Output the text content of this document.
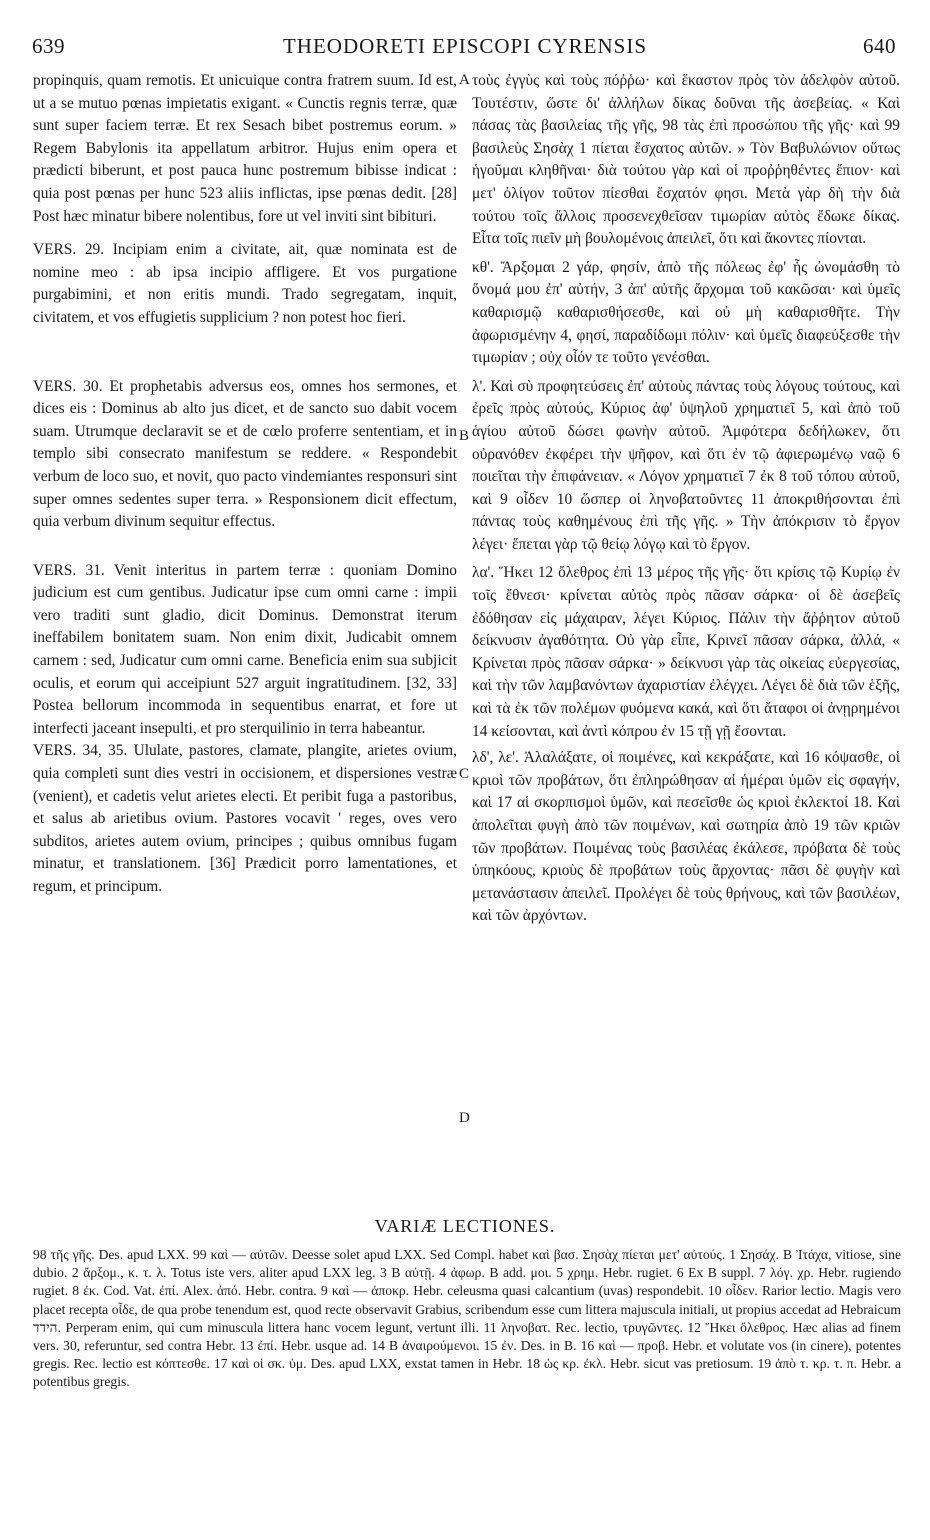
639	THEODORETI EPISCOPI CYRENSIS	640

propinquis, quam remotis. Et unicuique contra fratrem suum. Id est, ut a se mutuo pœnas impietatis exigant. « Cunctis regnis terræ, quæ sunt super faciem terræ. Et rex Sesach bibet postremus eorum. » Regem Babylonis ita appellatum arbitror. Hujus enim opera et prædicti biberunt, et post pauca hunc postremum bibisse indicat : quia post pœnas per hunc 523 aliis inflictas, ipse pœnas dedit. [28] Post hæc minatur bibere nolentibus, fore ut vel inviti sint bibituri.

VERS. 29. Incipiam enim a civitate, ait, quæ nominata est de nomine meo : ab ipsa incipio affligere. Et vos purgatione purgabimini, et non eritis mundi. Trado segregatam, inquit, civitatem, et vos effugietis supplicium ? non potest hoc fieri.

VERS. 30. Et prophetabis adversus eos, omnes hos sermones, et dices eis : Dominus ab alto jus dicet, et de sancto suo dabit vocem suam. Utrumque declaravit se et de cœlo proferre sententiam, et in templo sibi consecrato manifestum se reddere. « Respondebit verbum de loco suo, et novit, quo pacto vindemiantes responsuri sint super omnes sedentes super terra. » Responsionem dicit effectum, quia verbum divinum sequitur effectus.

VERS. 31. Venit interitus in partem terræ : quoniam Domino judicium est cum gentibus. Judicatur ipse cum omni carne : impii vero traditi sunt gladio, dicit Dominus. Demonstrat iterum ineffabilem bonitatem suam. Non enim dixit, Judicabit omnem carnem : sed, Judicatur cum omni carne. Beneficia enim sua subjicit oculis, et eorum qui acceipiunt 527 arguit ingratitudinem. [32, 33] Postea bellorum incommoda in sequentibus enarrat, et fore ut interfecti jaceant insepulti, et pro sterquilinio in terra habeantur.

VERS. 34, 35. Ululate, pastores, clamate, plangite, arietes ovium, quia completi sunt dies vestri in occisionem, et dispersiones vestræ (venient), et cadetis velut arietes electi. Et peribit fuga a pastoribus, et salus ab arietibus ovium. Pastores vocavit ' reges, oves vero subditos, arietes autem ovium, principes ; quibus omnibus fugam minatur, et translationem. [36] Prædicit porro lamentationes, et regum, et principum.

A
B
C
D

τοὺς ἐγγὺς καὶ τοὺς πόῤῥω· καὶ ἕκαστον πρὸς τὸν ἀδελφὸν αὐτοῦ. Τουτέστιν, ὥστε δι' ἀλλήλων δίκας δοῦναι τῆς ἀσεβείας. « Καὶ πάσας τὰς βασιλείας τῆς γῆς, 98 τὰς ἐπὶ προσώπου τῆς γῆς· καὶ 99 βασιλεὺς Σησὰχ 1 πίεται ἔσχατος αὐτῶν. » Τὸν Βαβυλώνιον οὕτως ἡγοῦμαι κληθῆναι· διὰ τούτου γὰρ καὶ οἱ προῤῥηθέντες ἔπιον· καὶ μετ' ὀλίγον τοῦτον πίεσθαι ἔσχατόν φησι. Μετὰ γὰρ δὴ τὴν διὰ τούτου τοῖς ἄλλοις προσενεχθεῖσαν τιμωρίαν αὐτὸς ἔδωκε δίκας. Εἶτα τοῖς πιεῖν μὴ βουλομένοις ἀπειλεῖ, ὅτι καὶ ἄκοντες πίονται.

κθ'. Ἄρξομαι 2 γάρ, φησίν, ἀπὸ τῆς πόλεως ἐφ' ἧς ὠνομάσθη τὸ ὄνομά μου ἐπ' αὐτήν, 3 ἀπ' αὐτῆς ἄρχομαι τοῦ κακῶσαι· καὶ ὑμεῖς καθαρισμῷ καθαρισθήσεσθε, καὶ οὐ μὴ καθαρισθῆτε. Τὴν ἀφωρισμένην 4, φησί, παραδίδωμι πόλιν· καὶ ὑμεῖς διαφεύξεσθε τὴν τιμωρίαν ; οὐχ οἷόν τε τοῦτο γενέσθαι.

λ'. Καὶ σὺ προφητεύσεις ἐπ' αὐτοὺς πάντας τοὺς λόγους τούτους, καὶ ἐρεῖς πρὸς αὐτούς, Κύριος ἀφ' ὑψηλοῦ χρηματιεῖ 5, καὶ ἀπὸ τοῦ ἁγίου αὐτοῦ δώσει φωνὴν αὐτοῦ. Ἀμφότερα δεδήλωκεν, ὅτι οὐρανόθεν ἐκφέρει τὴν ψῆφον, καὶ ὅτι ἐν τῷ ἀφιερωμένῳ ναῷ 6 ποιεῖται τὴν ἐπιφάνειαν. « Λόγον χρηματιεῖ 7 ἐκ 8 τοῦ τόπου αὐτοῦ, καὶ 9 οἶδεν 10 ὥσπερ οἱ ληνοβατοῦντες 11 ἀποκριθήσονται ἐπὶ πάντας τοὺς καθημένους ἐπὶ τῆς γῆς. » Τὴν ἀπόκρισιν τὸ ἔργον λέγει· ἕπεται γὰρ τῷ θείῳ λόγῳ καὶ τὸ ἔργον.

λα'. Ἥκει 12 ὄλεθρος ἐπὶ 13 μέρος τῆς γῆς· ὅτι κρίσις τῷ Κυρίῳ ἐν τοῖς ἔθνεσι· κρίνεται αὐτὸς πρὸς πᾶσαν σάρκα· οἱ δὲ ἀσεβεῖς ἐδόθησαν εἰς μάχαιραν, λέγει Κύριος. Πάλιν τὴν ἄῤῥητον αὐτοῦ δείκνυσιν ἀγαθότητα. Οὐ γὰρ εἶπε, Κρινεῖ πᾶσαν σάρκα, ἀλλά, « Κρίνεται πρὸς πᾶσαν σάρκα· » δείκνυσι γὰρ τὰς οἰκείας εὐεργεσίας, καὶ τὴν τῶν λαμβανόντων ἀχαριστίαν ἐλέγχει. Λέγει δὲ διὰ τῶν ἑξῆς, καὶ τὰ ἐκ τῶν πολέμων φυόμενα κακά, καὶ ὅτι ἄταφοι οἱ ἀνῃρημένοι 14 κείσονται, καὶ ἀντὶ κόπρου ἐν 15 τῇ γῇ ἔσονται.

λδ', λε'. Ἀλαλάξατε, οἱ ποιμένες, καὶ κεκράξατε, καὶ 16 κόψασθε, οἱ κριοὶ τῶν προβάτων, ὅτι ἐπληρώθησαν αἱ ἡμέραι ὑμῶν εἰς σφαγήν, καὶ 17 αἱ σκορπισμοὶ ὑμῶν, καὶ πεσεῖσθε ὡς κριοὶ ἐκλεκτοί 18. Καὶ ἀπολεῖται φυγὴ ἀπὸ τῶν ποιμένων, καὶ σωτηρία ἀπὸ 19 τῶν κριῶν τῶν προβάτων. Ποιμένας τοὺς βασιλέας ἐκάλεσε, πρόβατα δὲ τοὺς ὑπηκόους, κριοὺς δὲ προβάτων τοὺς ἄρχοντας· πᾶσι δὲ φυγὴν καὶ μετανάστασιν ἀπειλεῖ. Προλέγει δὲ τοὺς θρήνους, καὶ τῶν βασιλέων, καὶ τῶν ἀρχόντων.

VARIÆ LECTIONES.

98 τῆς γῆς. Des. apud LXX. 99 καὶ — αὐτῶν. Deesse solet apud LXX. Sed Compl. habet καὶ βασ. Σησὰχ πίεται μετ' αὐτούς. 1 Σησάχ. B Ἰτάχα, vitiose, sine dubio. 2 ἄρξομ., κ. τ. λ. Totus iste vers. aliter apud LXX leg. 3 B αὐτῇ. 4 ἀφωρ. B add. μοι. 5 χρημ. Hebr. rugiet. 6 Ex B suppl. 7 λόγ. χρ. Hebr. rugiendo rugiet. 8 ἐκ. Cod. Vat. ἐπί. Alex. ἀπό. Hebr. contra. 9 καὶ — ἀποκρ. Hebr. celeusma quasi calcantium (uvas) respondebit. 10 οἶδεν. Rarior lectio. Magis vero placet recepta οἶδε, de qua probe tenendum est, quod recte observavit Grabius, scribendum esse cum littera majuscula initiali, ut propius accedat ad Hebraicum הידד. Perperam enim, qui cum minuscula littera hanc vocem legunt, vertunt illi. 11 ληνοβατ. Rec. lectio, τρυγῶντες. 12 Ἥκει ὄλεθρος. Hæc alias ad finem vers. 30, referuntur, sed contra Hebr. 13 ἐπί. Hebr. usque ad. 14 B ἀναιρούμενοι. 15 ἐν. Des. in B. 16 καὶ — προβ. Hebr. et volutate vos (in cinere), potentes gregis. Rec. lectio est κόπτεσθε. 17 καὶ οἱ σκ. ὑμ. Des. apud LXX, exstat tamen in Hebr. 18 ὡς κρ. ἐκλ. Hebr. sicut vas pretiosum. 19 ἀπὸ τ. κρ. τ. π. Hebr. a potentibus gregis.
